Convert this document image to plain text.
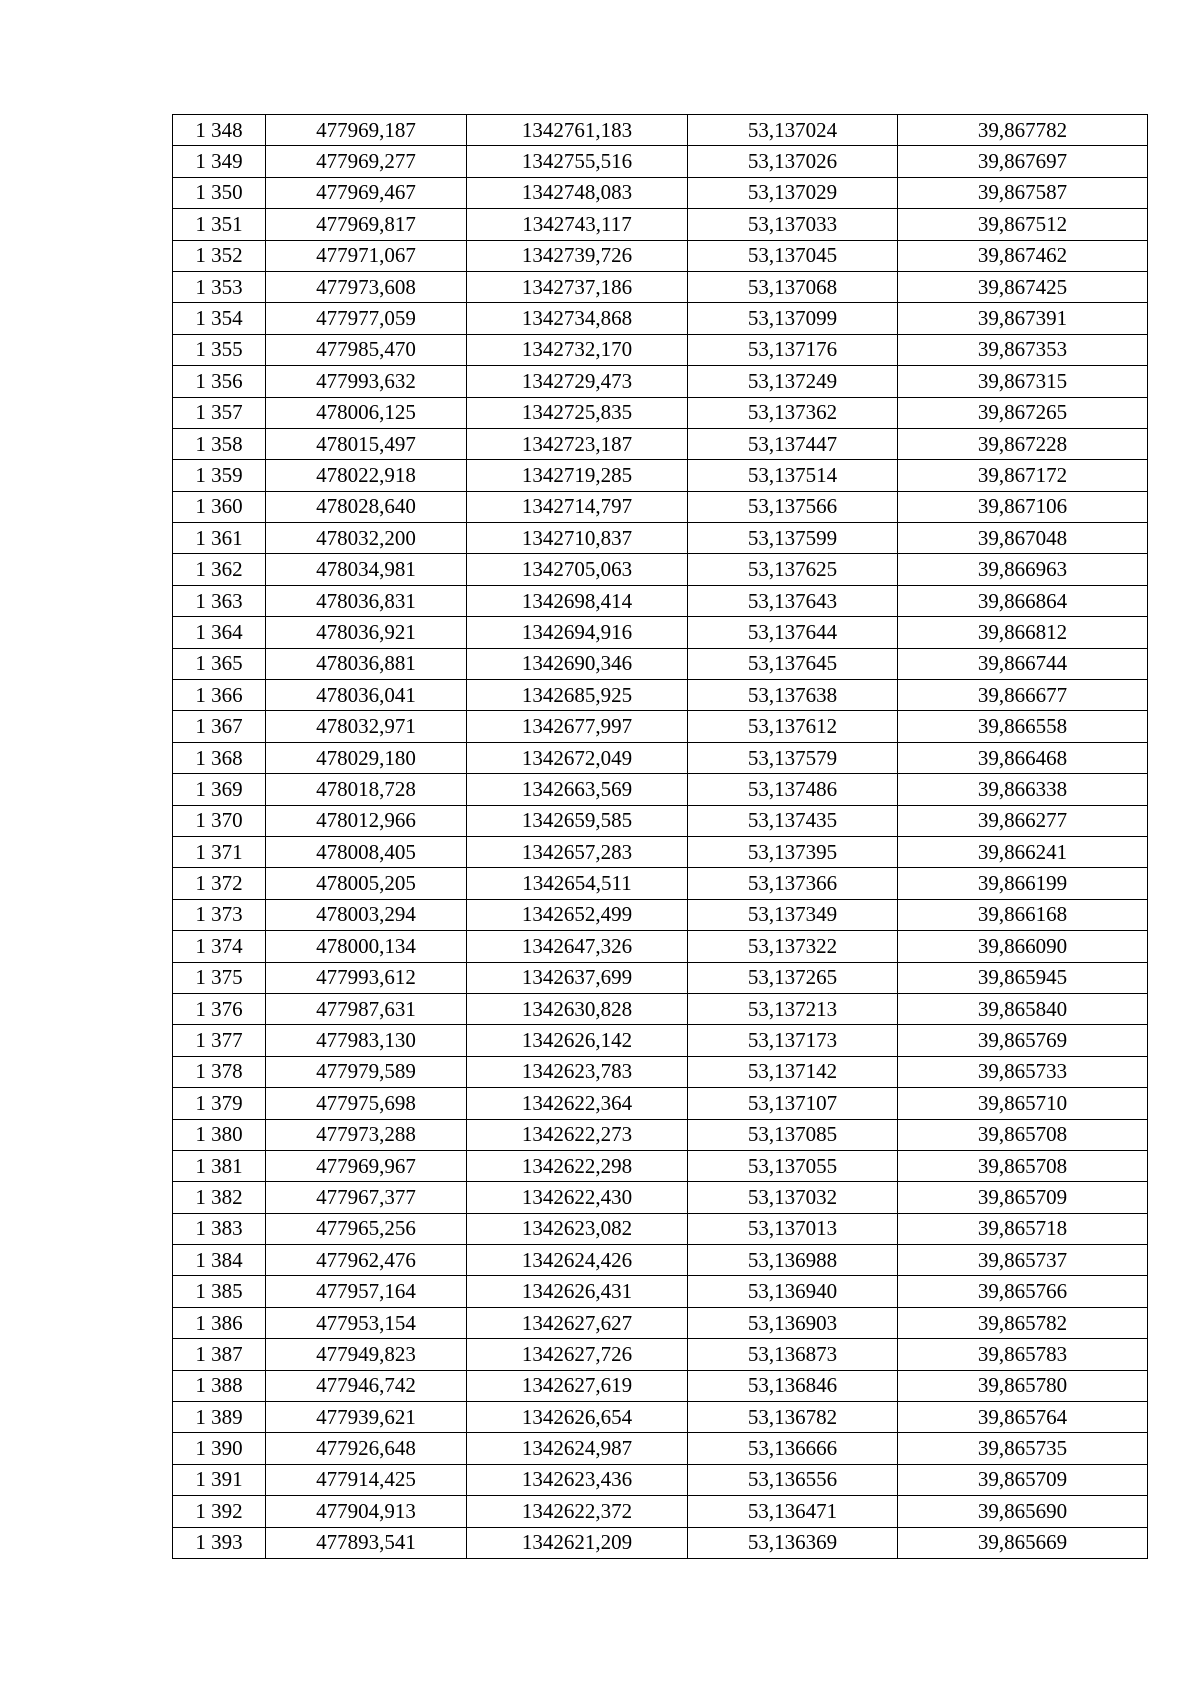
1 348	477969,187	1342761,183	53,137024	39,867782
1 349	477969,277	1342755,516	53,137026	39,867697
1 350	477969,467	1342748,083	53,137029	39,867587
1 351	477969,817	1342743,117	53,137033	39,867512
1 352	477971,067	1342739,726	53,137045	39,867462
1 353	477973,608	1342737,186	53,137068	39,867425
1 354	477977,059	1342734,868	53,137099	39,867391
1 355	477985,470	1342732,170	53,137176	39,867353
1 356	477993,632	1342729,473	53,137249	39,867315
1 357	478006,125	1342725,835	53,137362	39,867265
1 358	478015,497	1342723,187	53,137447	39,867228
1 359	478022,918	1342719,285	53,137514	39,867172
1 360	478028,640	1342714,797	53,137566	39,867106
1 361	478032,200	1342710,837	53,137599	39,867048
1 362	478034,981	1342705,063	53,137625	39,866963
1 363	478036,831	1342698,414	53,137643	39,866864
1 364	478036,921	1342694,916	53,137644	39,866812
1 365	478036,881	1342690,346	53,137645	39,866744
1 366	478036,041	1342685,925	53,137638	39,866677
1 367	478032,971	1342677,997	53,137612	39,866558
1 368	478029,180	1342672,049	53,137579	39,866468
1 369	478018,728	1342663,569	53,137486	39,866338
1 370	478012,966	1342659,585	53,137435	39,866277
1 371	478008,405	1342657,283	53,137395	39,866241
1 372	478005,205	1342654,511	53,137366	39,866199
1 373	478003,294	1342652,499	53,137349	39,866168
1 374	478000,134	1342647,326	53,137322	39,866090
1 375	477993,612	1342637,699	53,137265	39,865945
1 376	477987,631	1342630,828	53,137213	39,865840
1 377	477983,130	1342626,142	53,137173	39,865769
1 378	477979,589	1342623,783	53,137142	39,865733
1 379	477975,698	1342622,364	53,137107	39,865710
1 380	477973,288	1342622,273	53,137085	39,865708
1 381	477969,967	1342622,298	53,137055	39,865708
1 382	477967,377	1342622,430	53,137032	39,865709
1 383	477965,256	1342623,082	53,137013	39,865718
1 384	477962,476	1342624,426	53,136988	39,865737
1 385	477957,164	1342626,431	53,136940	39,865766
1 386	477953,154	1342627,627	53,136903	39,865782
1 387	477949,823	1342627,726	53,136873	39,865783
1 388	477946,742	1342627,619	53,136846	39,865780
1 389	477939,621	1342626,654	53,136782	39,865764
1 390	477926,648	1342624,987	53,136666	39,865735
1 391	477914,425	1342623,436	53,136556	39,865709
1 392	477904,913	1342622,372	53,136471	39,865690
1 393	477893,541	1342621,209	53,136369	39,865669
